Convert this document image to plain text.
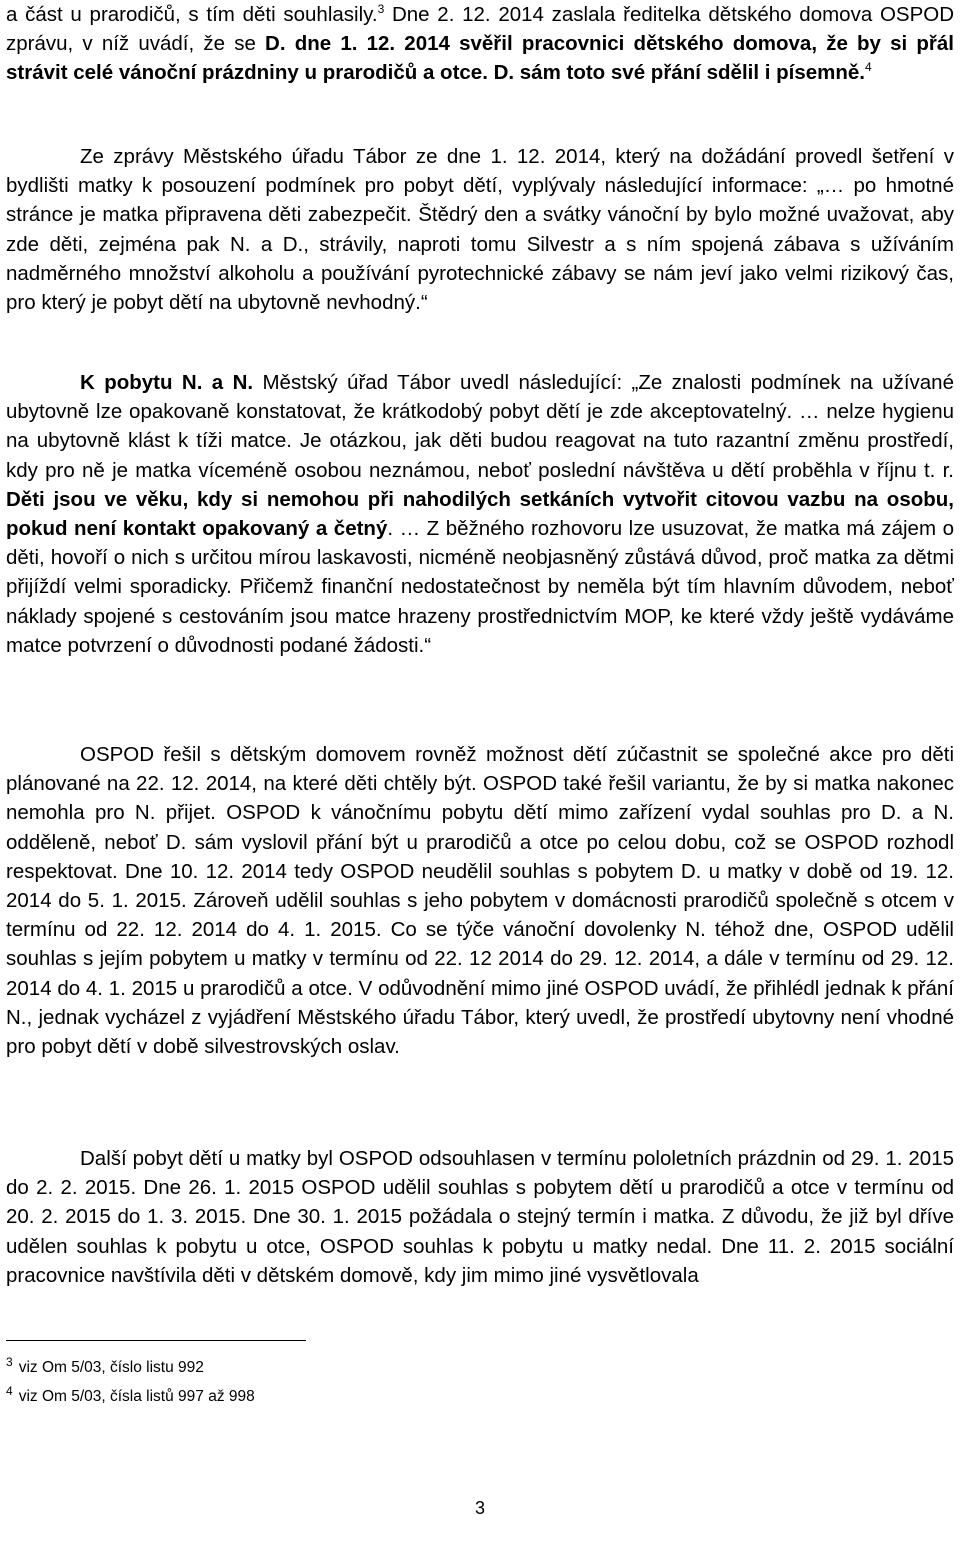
a část u prarodičů, s tím děti souhlasily.$^3$ Dne 2. 12. 2014 zaslala ředitelka dětského domova OSPOD zprávu, v níž uvádí, že se D. dne 1. 12. 2014 svěřil pracovnici dětského domova, že by si přál strávit celé vánoční prázdniny u prarodičů a otce. D. sám toto své přání sdělil i písemně.$^4$

Ze zprávy Městského úřadu Tábor ze dne 1. 12. 2014, který na dožádání provedl šetření v bydlišti matky k posouzení podmínek pro pobyt dětí, vyplývaly následující informace: „… po hmotné stránce je matka připravena děti zabezpečit. Štědrý den a svátky vánoční by bylo možné uvažovat, aby zde děti, zejména pak N. a D., strávily, naproti tomu Silvestr a s ním spojená zábava s užíváním nadměrného množství alkoholu a používání pyrotechnické zábavy se nám jeví jako velmi rizikový čas, pro který je pobyt dětí na ubytovně nevhodný.“

K pobytu N. a N. Městský úřad Tábor uvedl následující: „Ze znalosti podmínek na užívané ubytovně lze opakovaně konstatovat, že krátkodobý pobyt dětí je zde akceptovatelný. … nelze hygienu na ubytovně klást k tíži matce. Je otázkou, jak děti budou reagovat na tuto razantní změnu prostředí, kdy pro ně je matka víceméně osobou neznámou, neboť poslední návštěva u dětí proběhla v říjnu t. r. Děti jsou ve věku, kdy si nemohou při nahodilých setkáních vytvořit citovou vazbu na osobu, pokud není kontakt opakovaný a četný. … Z běžného rozhovoru lze usuzovat, že matka má zájem o děti, hovoří o nich s určitou mírou laskavosti, nicméně neobjasněný zůstává důvod, proč matka za dětmi přijíždí velmi sporadicky. Přičemž finanční nedostatečnost by neměla být tím hlavním důvodem, neboť náklady spojené s cestováním jsou matce hrazeny prostřednictvím MOP, ke které vždy ještě vydáváme matce potvrzení o důvodnosti podané žádosti.“

OSPOD řešil s dětským domovem rovněž možnost dětí zúčastnit se společné akce pro děti plánované na 22. 12. 2014, na které děti chtěly být. OSPOD také řešil variantu, že by si matka nakonec nemohla pro N. přijet. OSPOD k vánočnímu pobytu dětí mimo zařízení vydal souhlas pro D. a N. odděleně, neboť D. sám vyslovil přání být u prarodičů a otce po celou dobu, což se OSPOD rozhodl respektovat. Dne 10. 12. 2014 tedy OSPOD neudělil souhlas s pobytem D. u matky v době od 19. 12. 2014 do 5. 1. 2015. Zároveň udělil souhlas s jeho pobytem v domácnosti prarodičů společně s otcem v termínu od 22. 12. 2014 do 4. 1. 2015. Co se týče vánoční dovolenky N. téhož dne, OSPOD udělil souhlas s jejím pobytem u matky v termínu od 22. 12 2014 do 29. 12. 2014, a dále v termínu od 29. 12. 2014 do 4. 1. 2015 u prarodičů a otce. V odůvodnění mimo jiné OSPOD uvádí, že přihlédl jednak k přání N., jednak vycházel z vyjádření Městského úřadu Tábor, který uvedl, že prostředí ubytovny není vhodné pro pobyt dětí v době silvestrovských oslav.

Další pobyt dětí u matky byl OSPOD odsouhlasen v termínu pololetních prázdnin od 29. 1. 2015 do 2. 2. 2015. Dne 26. 1. 2015 OSPOD udělil souhlas s pobytem dětí u prarodičů a otce v termínu od 20. 2. 2015 do 1. 3. 2015. Dne 30. 1. 2015 požádala o stejný termín i matka. Z důvodu, že již byl dříve udělen souhlas k pobytu u otce, OSPOD souhlas k pobytu u matky nedal. Dne 11. 2. 2015 sociální pracovnice navštívila děti v dětském domově, kdy jim mimo jiné vysvětlovala

$^3$ viz Om 5/03, číslo listu 992

$^4$ viz Om 5/03, čísla listů 997 až 998

3
